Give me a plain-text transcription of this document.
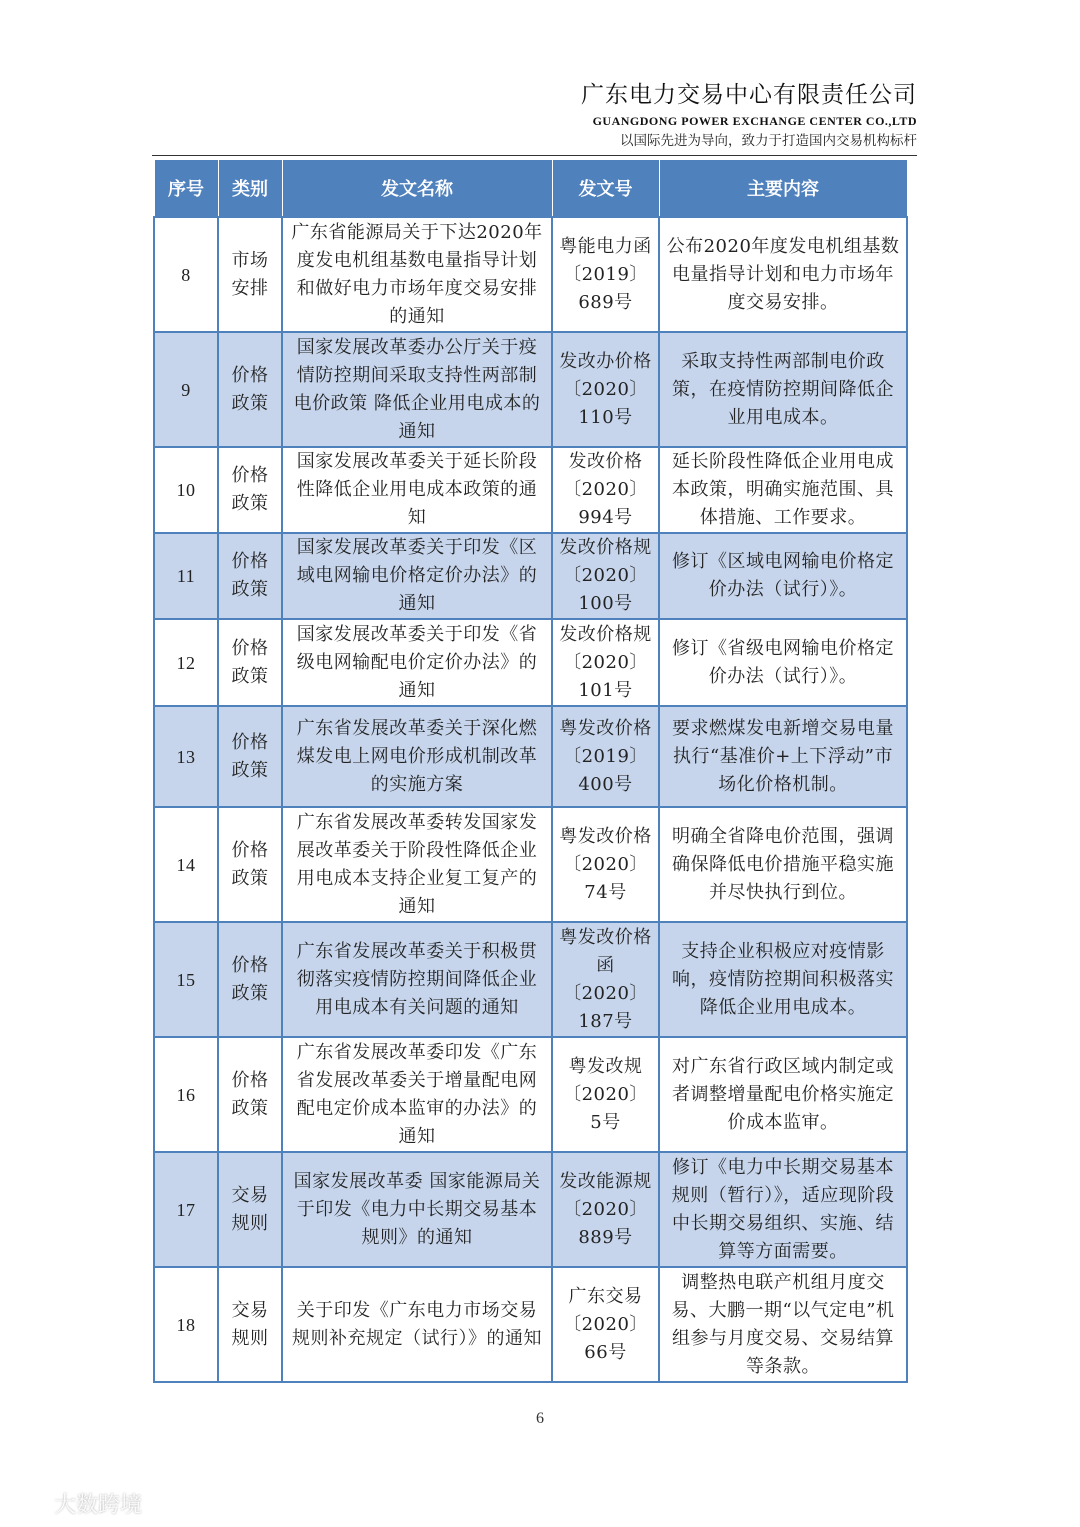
广东电力交易中心有限责任公司
GUANGDONG POWER EXCHANGE CENTER CO.,LTD
以国际先进为导向，致力于打造国内交易机构标杆
序号	类别	发文名称	发文号	主要内容
8	市场安排	广东省能源局关于下达2020年度发电机组基数电量指导计划和做好电力市场年度交易安排的通知	粤能电力函〔2019〕689号	公布2020年度发电机组基数电量指导计划和电力市场年度交易安排。
9	价格政策	国家发展改革委办公厅关于疫情防控期间采取支持性两部制电价政策 降低企业用电成本的通知	发改办价格〔2020〕110号	采取支持性两部制电价政策，在疫情防控期间降低企业用电成本。
10	价格政策	国家发展改革委关于延长阶段性降低企业用电成本政策的通知	发改价格〔2020〕994号	延长阶段性降低企业用电成本政策，明确实施范围、具体措施、工作要求。
11	价格政策	国家发展改革委关于印发《区域电网输电价格定价办法》的通知	发改价格规〔2020〕100号	修订《区域电网输电价格定价办法（试行）》。
12	价格政策	国家发展改革委关于印发《省级电网输配电价定价办法》的通知	发改价格规〔2020〕101号	修订《省级电网输电价格定价办法（试行）》。
13	价格政策	广东省发展改革委关于深化燃煤发电上网电价形成机制改革的实施方案	粤发改价格〔2019〕400号	要求燃煤发电新增交易电量执行“基准价+上下浮动”市场化价格机制。
14	价格政策	广东省发展改革委转发国家发展改革委关于阶段性降低企业用电成本支持企业复工复产的通知	粤发改价格〔2020〕74号	明确全省降电价范围，强调确保降低电价措施平稳实施并尽快执行到位。
15	价格政策	广东省发展改革委关于积极贯彻落实疫情防控期间降低企业用电成本有关问题的通知	粤发改价格函〔2020〕187号	支持企业积极应对疫情影响，疫情防控期间积极落实降低企业用电成本。
16	价格政策	广东省发展改革委印发《广东省发展改革委关于增量配电网配电定价成本监审的办法》的通知	粤发改规〔2020〕5号	对广东省行政区域内制定或者调整增量配电价格实施定价成本监审。
17	交易规则	国家发展改革委 国家能源局关于印发《电力中长期交易基本规则》的通知	发改能源规〔2020〕889号	修订《电力中长期交易基本规则（暂行）》，适应现阶段中长期交易组织、实施、结算等方面需要。
18	交易规则	关于印发《广东电力市场交易规则补充规定（试行）》的通知	广东交易〔2020〕66号	调整热电联产机组月度交易、大鹏一期“以气定电”机组参与月度交易、交易结算等条款。
6
大数跨境
